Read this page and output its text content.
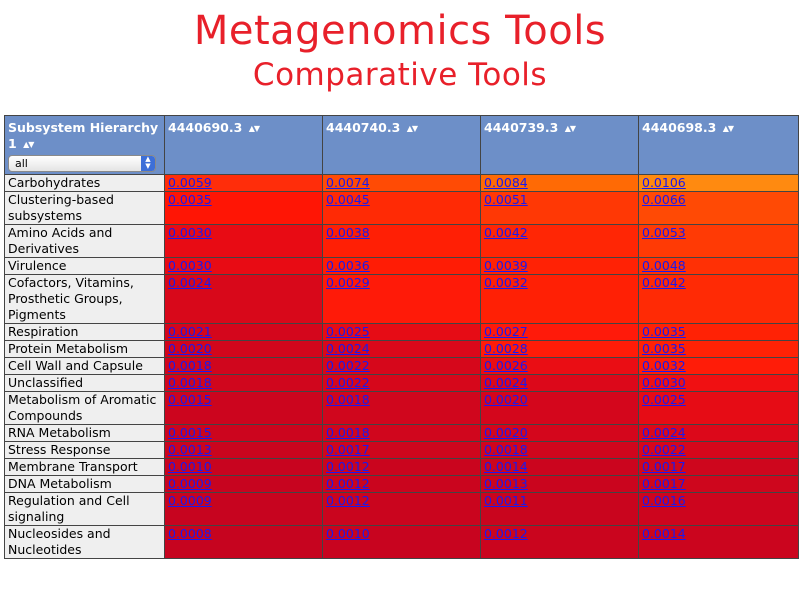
Metagenomics Tools
Comparative Tools
Subsystem Hierarchy 1 ▲▼
all ▲
▼	4440690.3 ▲▼	4440740.3 ▲▼	4440739.3 ▲▼	4440698.3 ▲▼
Carbohydrates	0.0059	0.0074	0.0084	0.0106
Clustering-based subsystems	0.0035	0.0045	0.0051	0.0066
Amino Acids and Derivatives	0.0030	0.0038	0.0042	0.0053
Virulence	0.0030	0.0036	0.0039	0.0048
Cofactors, Vitamins, Prosthetic Groups, Pigments	0.0024	0.0029	0.0032	0.0042
Respiration	0.0021	0.0025	0.0027	0.0035
Protein Metabolism	0.0020	0.0024	0.0028	0.0035
Cell Wall and Capsule	0.0018	0.0022	0.0026	0.0032
Unclassified	0.0018	0.0022	0.0024	0.0030
Metabolism of Aromatic Compounds	0.0015	0.0018	0.0020	0.0025
RNA Metabolism	0.0015	0.0018	0.0020	0.0024
Stress Response	0.0013	0.0017	0.0018	0.0022
Membrane Transport	0.0010	0.0012	0.0014	0.0017
DNA Metabolism	0.0009	0.0012	0.0013	0.0017
Regulation and Cell signaling	0.0009	0.0012	0.0011	0.0016
Nucleosides and Nucleotides	0.0008	0.0010	0.0012	0.0014
